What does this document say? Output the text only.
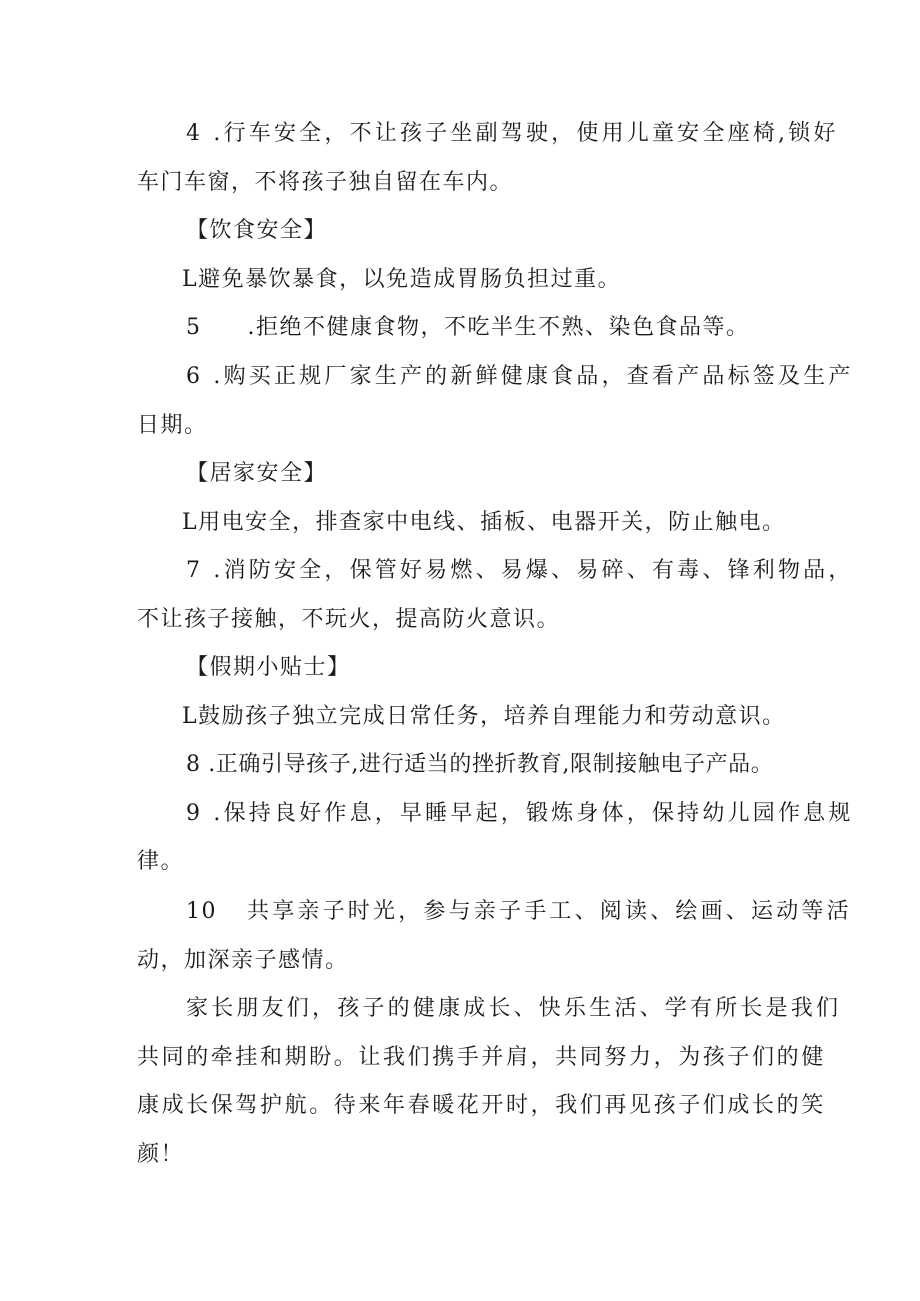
4 .行车安全，不让孩子坐副驾驶，使用儿童安全座椅,锁好
车门车窗，不将孩子独自留在车内。
【饮食安全】
L避免暴饮暴食，以免造成胃肠负担过重。
5 .拒绝不健康食物，不吃半生不熟、染色食品等。
6 .购买正规厂家生产的新鲜健康食品，查看产品标签及生产
日期。
【居家安全】
L用电安全，排查家中电线、插板、电器开关，防止触电。
7 .消防安全，保管好易燃、易爆、易碎、有毒、锋利物品，
不让孩子接触，不玩火，提高防火意识。
【假期小贴士】
L鼓励孩子独立完成日常任务，培养自理能力和劳动意识。
8 .正确引导孩子,进行适当的挫折教育,限制接触电子产品。
9 .保持良好作息，早睡早起，锻炼身体，保持幼儿园作息规
律。
10 共享亲子时光，参与亲子手工、阅读、绘画、运动等活
动，加深亲子感情。
家长朋友们，孩子的健康成长、快乐生活、学有所长是我们
共同的牵挂和期盼。让我们携手并肩，共同努力，为孩子们的健
康成长保驾护航。待来年春暖花开时，我们再见孩子们成长的笑
颜！
